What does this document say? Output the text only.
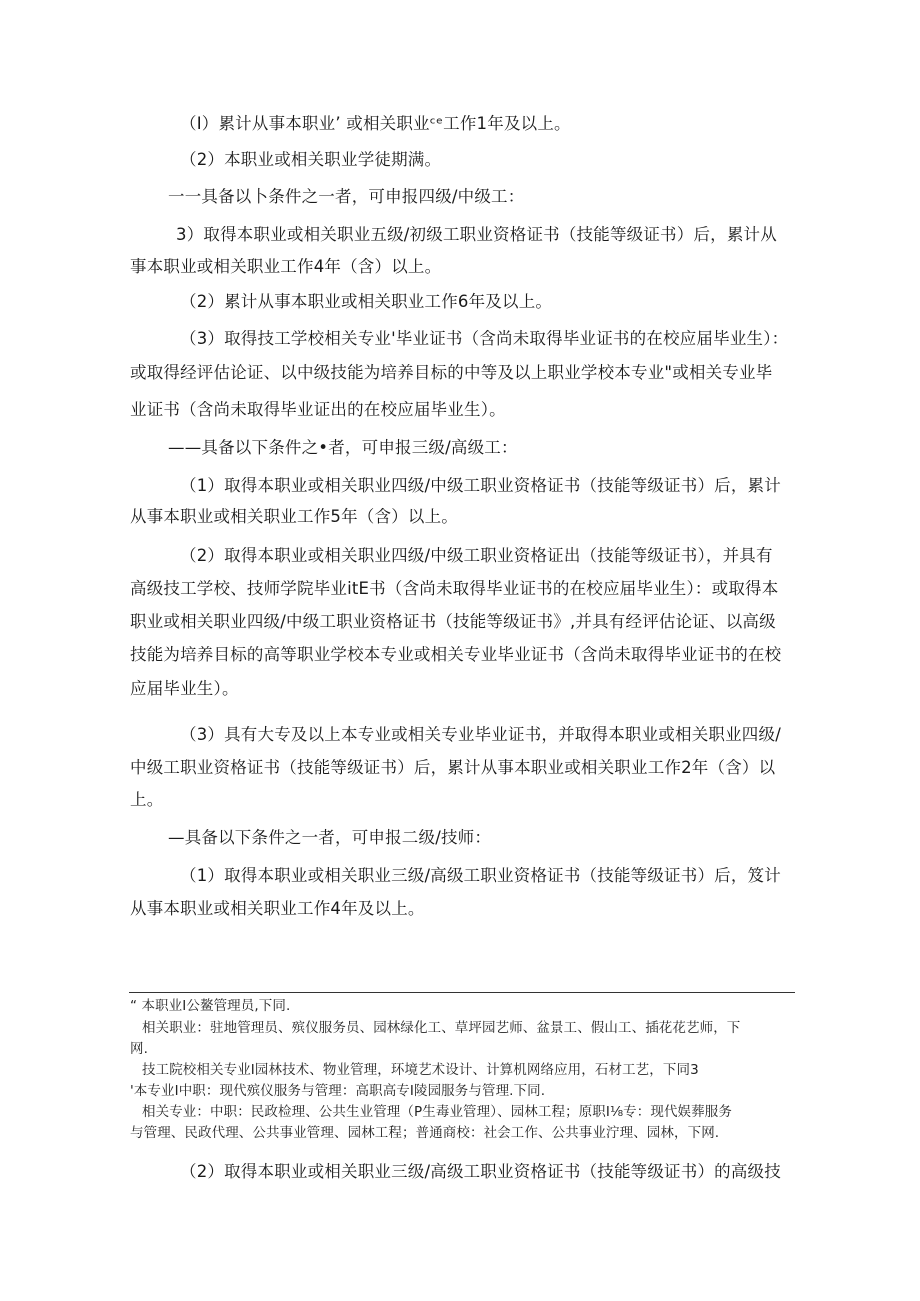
（I）累计从事本职业’ 或相关职业ᶜᵉ工作1年及以上。
（2）本职业或相关职业学徒期满。
一一具备以卜条件之一者，可申报四级/中级工：
3）取得本职业或相关职业五级/初级工职业资格证书（技能等级证书）后，累计从
事本职业或相关职业工作4年（含）以上。
（2）累计从事本职业或相关职业工作6年及以上。
（3）取得技工学校相关专业'毕业证书（含尚未取得毕业证书的在校应届毕业生）：
或取得经评估论证、以中级技能为培养目标的中等及以上职业学校本专业"或相关专业毕
业证书（含尚未取得毕业证出的在校应届毕业生）。
——具备以下条件之•者，可申报三级/高级工：
（1）取得本职业或相关职业四级/中级工职业资格证书（技能等级证书）后，累计
从事本职业或相关职业工作5年（含）以上。
（2）取得本职业或相关职业四级/中级工职业资格证出（技能等级证书），并具有
高级技工学校、技师学院毕业itE书（含尚未取得毕业证书的在校应届毕业生）：或取得本
职业或相关职业四级/中级工职业资格证书（技能等级证书》,并具有经评估论证、以高级
技能为培养目标的高等职业学校本专业或相关专业毕业证书（含尚未取得毕业证书的在校
应届毕业生）。
（3）具有大专及以上本专业或相关专业毕业证书，并取得本职业或相关职业四级/
中级工职业资格证书（技能等级证书）后，累计从事本职业或相关职业工作2年（含）以
上。
—具备以下条件之一者，可申报二级/技师：
（1）取得本职业或相关职业三级/高级工职业资格证书（技能等级证书）后，笈计
从事本职业或相关职业工作4年及以上。
“ 本职业I公鳌管理员,下同.
相关职业：驻地管理员、殡仪服务员、园林绿化工、草坪园艺师、盆景工、假山工、插花花艺师，下
网.
技工院校相关专业I园林技术、物业管理，环境艺术设计、计算机网络应用，石材工艺，下同3
'本专业I中职：现代殡仪服务与管理：高职高专I陵园服务与管理.下同.
相关专业：中职：民政检理、公共生业管理（P生毒业管理）、园林工程；原职I⅛专：现代娱葬服务
与管理、民政代理、公共事业管理、园林工程；普通商校：社会工作、公共事业泞理、园林，下网.
（2）取得本职业或相关职业三级/高级工职业资格证书（技能等级证书）的高级技
